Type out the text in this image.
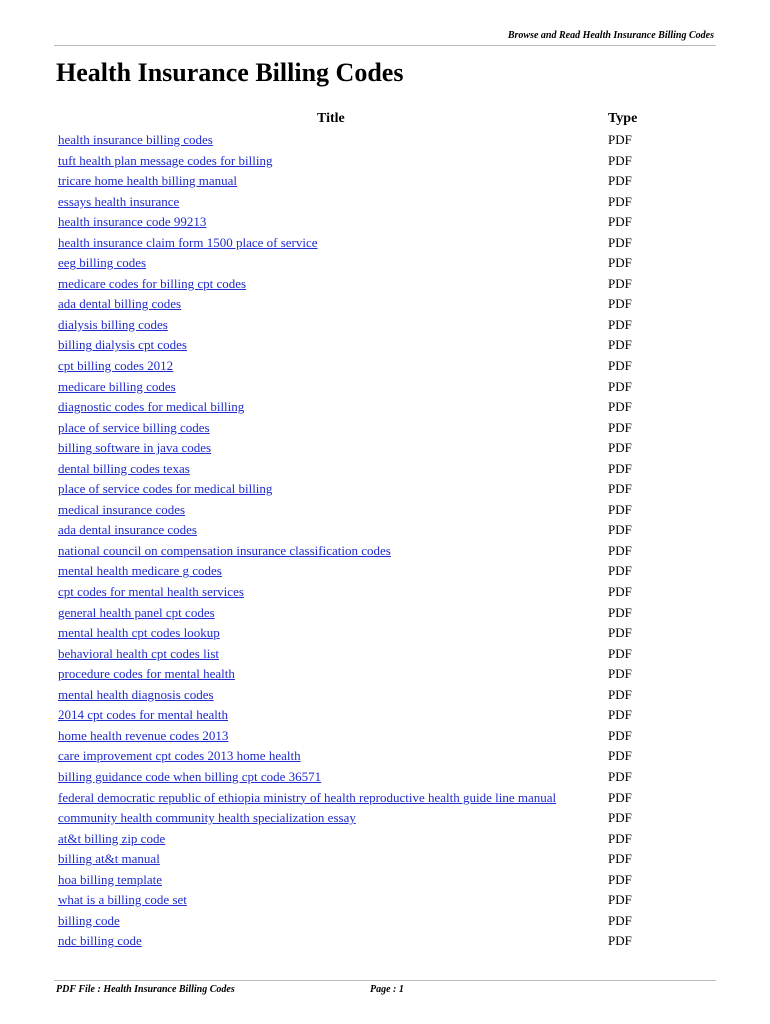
Browse and Read Health Insurance Billing Codes
Health Insurance Billing Codes
Title	Type
health insurance billing codes	PDF
tuft health plan message codes for billing	PDF
tricare home health billing manual	PDF
essays health insurance	PDF
health insurance code 99213	PDF
health insurance claim form 1500 place of service	PDF
eeg billing codes	PDF
medicare codes for billing cpt codes	PDF
ada dental billing codes	PDF
dialysis billing codes	PDF
billing dialysis cpt codes	PDF
cpt billing codes 2012	PDF
medicare billing codes	PDF
diagnostic codes for medical billing	PDF
place of service billing codes	PDF
billing software in java codes	PDF
dental billing codes texas	PDF
place of service codes for medical billing	PDF
medical insurance codes	PDF
ada dental insurance codes	PDF
national council on compensation insurance classification codes	PDF
mental health medicare g codes	PDF
cpt codes for mental health services	PDF
general health panel cpt codes	PDF
mental health cpt codes lookup	PDF
behavioral health cpt codes list	PDF
procedure codes for mental health	PDF
mental health diagnosis codes	PDF
2014 cpt codes for mental health	PDF
home health revenue codes 2013	PDF
care improvement cpt codes 2013 home health	PDF
billing guidance code when billing cpt code 36571	PDF
federal democratic republic of ethiopia ministry of health reproductive health guide line manual	PDF
community health community health specialization essay	PDF
at&t billing zip code	PDF
billing at&t manual	PDF
hoa billing template	PDF
what is a billing code set	PDF
billing code	PDF
ndc billing code	PDF
PDF File : Health Insurance Billing Codes	Page : 1
